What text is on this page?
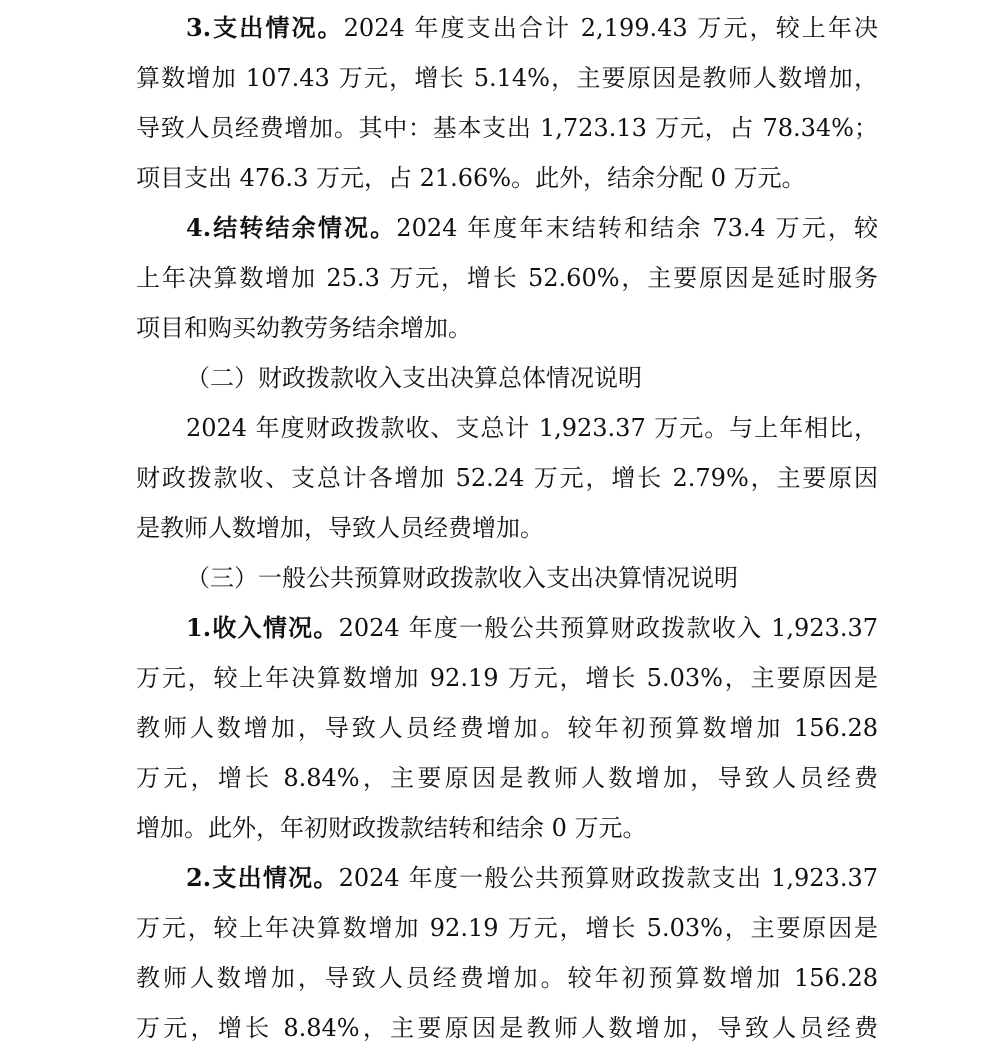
3.支出情况。2024 年度支出合计 2,199.43 万元，较上年决
算数增加 107.43 万元，增长 5.14%，主要原因是教师人数增加，
导致人员经费增加。其中：基本支出 1,723.13 万元，占 78.34%；
项目支出 476.3 万元，占 21.66%。此外，结余分配 0 万元。
4.结转结余情况。2024 年度年末结转和结余 73.4 万元，较
上年决算数增加 25.3 万元，增长 52.60%，主要原因是延时服务
项目和购买幼教劳务结余增加。
（二）财政拨款收入支出决算总体情况说明
2024 年度财政拨款收、支总计 1,923.37 万元。与上年相比，
财政拨款收、支总计各增加 52.24 万元，增长 2.79%，主要原因
是教师人数增加，导致人员经费增加。
（三）一般公共预算财政拨款收入支出决算情况说明
1.收入情况。2024 年度一般公共预算财政拨款收入 1,923.37
万元，较上年决算数增加 92.19 万元，增长 5.03%，主要原因是
教师人数增加，导致人员经费增加。较年初预算数增加 156.28
万元，增长 8.84%，主要原因是教师人数增加，导致人员经费
增加。此外，年初财政拨款结转和结余 0 万元。
2.支出情况。2024 年度一般公共预算财政拨款支出 1,923.37
万元，较上年决算数增加 92.19 万元，增长 5.03%，主要原因是
教师人数增加，导致人员经费增加。较年初预算数增加 156.28
万元，增长 8.84%，主要原因是教师人数增加，导致人员经费
